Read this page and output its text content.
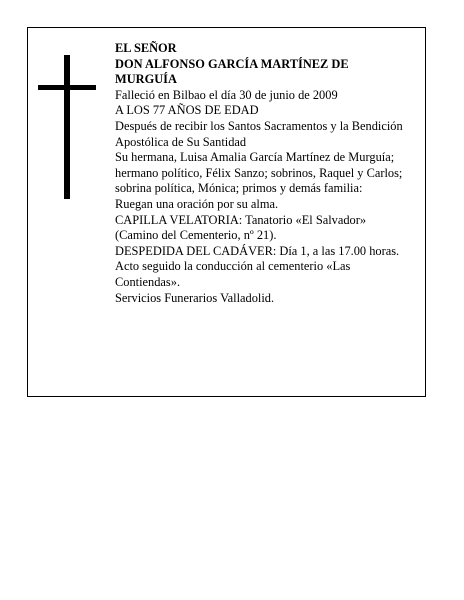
EL SEÑOR

DON ALFONSO GARCÍA MARTÍNEZ DE MURGUÍA

Falleció en Bilbao el día 30 de junio de 2009

A LOS 77 AÑOS DE EDAD

Después de recibir los Santos Sacramentos y la Bendición Apostólica de Su Santidad

Su hermana, Luisa Amalia García Martínez de Murguía; hermano político, Félix Sanzo; sobrinos, Raquel y Carlos; sobrina política, Mónica; primos y demás familia:

Ruegan una oración por su alma.

CAPILLA VELATORIA: Tanatorio «El Salvador» (Camino del Cementerio, nº 21).

DESPEDIDA DEL CADÁVER: Día 1, a las 17.00 horas. Acto seguido la conducción al cementerio «Las Contiendas».

Servicios Funerarios Valladolid.
